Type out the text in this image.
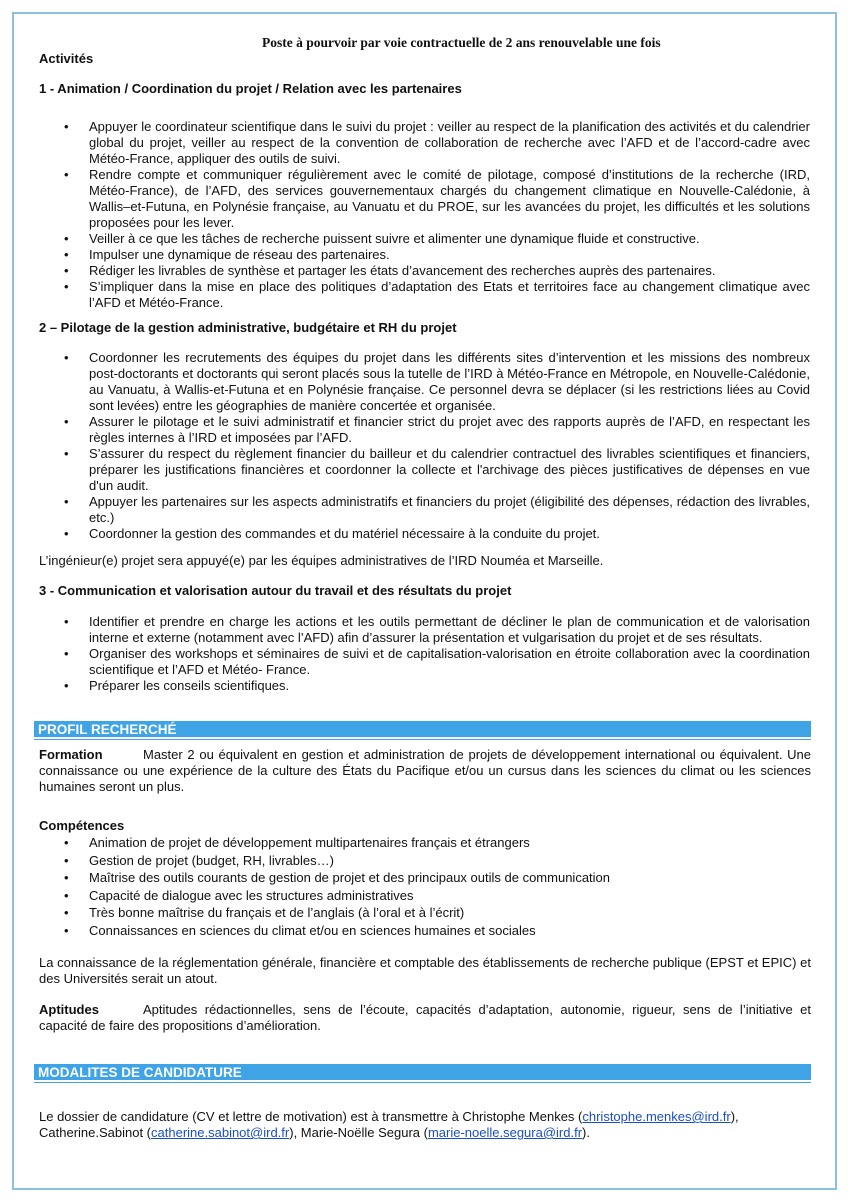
Poste à pourvoir par voie contractuelle de 2 ans renouvelable une fois
Activités
1 - Animation / Coordination du projet / Relation avec les partenaires
• Appuyer le coordinateur scientifique dans le suivi du projet : veiller au respect de la planification des activités et du calendrier global du projet, veiller au respect de la convention de collaboration de recherche avec l’AFD et de l’accord-cadre avec Météo-France, appliquer des outils de suivi.
• Rendre compte et communiquer régulièrement avec le comité de pilotage, composé d’institutions de la recherche (IRD, Météo-France), de l’AFD, des services gouvernementaux chargés du changement climatique en Nouvelle-Calédonie, à Wallis–et-Futuna, en Polynésie française, au Vanuatu et du PROE, sur les avancées du projet, les difficultés et les solutions proposées pour les lever.
• Veiller à ce que les tâches de recherche puissent suivre et alimenter une dynamique fluide et constructive.
• Impulser une dynamique de réseau des partenaires.
• Rédiger les livrables de synthèse et partager les états d’avancement des recherches auprès des partenaires.
• S’impliquer dans la mise en place des politiques d’adaptation des Etats et territoires face au changement climatique avec l’AFD et Météo-France.
2 – Pilotage de la gestion administrative, budgétaire et RH du projet
• Coordonner les recrutements des équipes du projet dans les différents sites d’intervention et les missions des nombreux post-doctorants et doctorants qui seront placés sous la tutelle de l’IRD à Météo-France en Métropole, en Nouvelle-Calédonie, au Vanuatu, à Wallis-et-Futuna et en Polynésie française. Ce personnel devra se déplacer (si les restrictions liées au Covid sont levées) entre les géographies de manière concertée et organisée.
• Assurer le pilotage et le suivi administratif et financier strict du projet avec des rapports auprès de l’AFD, en respectant les règles internes à l’IRD et imposées par l’AFD.
• S’assurer du respect du règlement financier du bailleur et du calendrier contractuel des livrables scientifiques et financiers, préparer les justifications financières et coordonner la collecte et l'archivage des pièces justificatives de dépenses en vue d'un audit.
• Appuyer les partenaires sur les aspects administratifs et financiers du projet (éligibilité des dépenses, rédaction des livrables, etc.)
• Coordonner la gestion des commandes et du matériel nécessaire à la conduite du projet.
L’ingénieur(e) projet sera appuyé(e) par les équipes administratives de l’IRD Nouméa et Marseille.
3 - Communication et valorisation autour du travail et des résultats du projet
• Identifier et prendre en charge les actions et les outils permettant de décliner le plan de communication et de valorisation interne et externe (notamment avec l’AFD) afin d’assurer la présentation et vulgarisation du projet et de ses résultats.
• Organiser des workshops et séminaires de suivi et de capitalisation-valorisation en étroite collaboration avec la coordination scientifique et l’AFD et Météo- France.
• Préparer les conseils scientifiques.
PROFIL RECHERCHÉ
Formation	Master 2 ou équivalent en gestion et administration de projets de développement international ou équivalent. Une connaissance ou une expérience de la culture des États du Pacifique et/ou un cursus dans les sciences du climat ou les sciences humaines seront un plus.
Compétences
• Animation de projet de développement multipartenaires français et étrangers
• Gestion de projet (budget, RH, livrables…)
• Maîtrise des outils courants de gestion de projet et des principaux outils de communication
• Capacité de dialogue avec les structures administratives
• Très bonne maîtrise du français et de l’anglais (à l’oral et à l’écrit)
• Connaissances en sciences du climat et/ou en sciences humaines et sociales
La connaissance de la réglementation générale, financière et comptable des établissements de recherche publique (EPST et EPIC) et des Universités serait un atout.
Aptitudes	Aptitudes rédactionnelles, sens de l’écoute, capacités d’adaptation, autonomie, rigueur, sens de l’initiative et capacité de faire des propositions d’amélioration.
MODALITES DE CANDIDATURE
Le dossier de candidature (CV et lettre de motivation) est à transmettre à Christophe Menkes (christophe.menkes@ird.fr),
Catherine.Sabinot (catherine.sabinot@ird.fr), Marie-Noëlle Segura (marie-noelle.segura@ird.fr).
